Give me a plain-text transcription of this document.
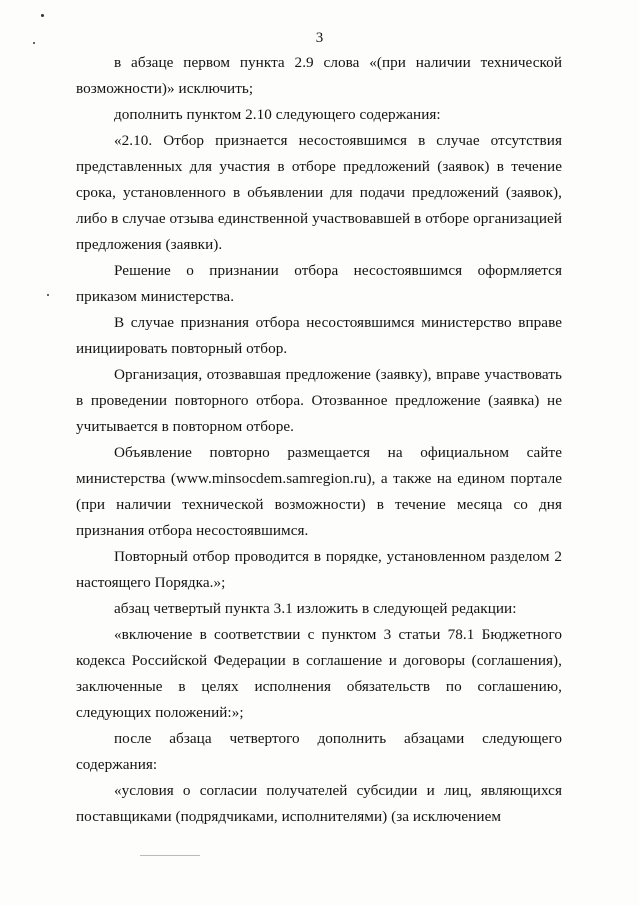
3

в абзаце первом пункта 2.9 слова «(при наличии технической возможности)» исключить;

дополнить пунктом 2.10 следующего содержания:

«2.10. Отбор признается несостоявшимся в случае отсутствия представленных для участия в отборе предложений (заявок) в течение срока, установленного в объявлении для подачи предложений (заявок), либо в случае отзыва единственной участвовавшей в отборе организацией предложения (заявки).

Решение о признании отбора несостоявшимся оформляется приказом министерства.

В случае признания отбора несостоявшимся министерство вправе инициировать повторный отбор.

Организация, отозвавшая предложение (заявку), вправе участвовать в проведении повторного отбора. Отозванное предложение (заявка) не учитывается в повторном отборе.

Объявление повторно размещается на официальном сайте министерства (www.minsocdem.samregion.ru), а также на едином портале (при наличии технической возможности) в течение месяца со дня признания отбора несостоявшимся.

Повторный отбор проводится в порядке, установленном разделом 2 настоящего Порядка.»;

абзац четвертый пункта 3.1 изложить в следующей редакции:

«включение в соответствии с пунктом 3 статьи 78.1 Бюджетного кодекса Российской Федерации в соглашение и договоры (соглашения), заключенные в целях исполнения обязательств по соглашению, следующих положений:»;

после абзаца четвертого дополнить абзацами следующего содержания:

«условия о согласии получателей субсидии и лиц, являющихся поставщиками (подрядчиками, исполнителями) (за исключением
